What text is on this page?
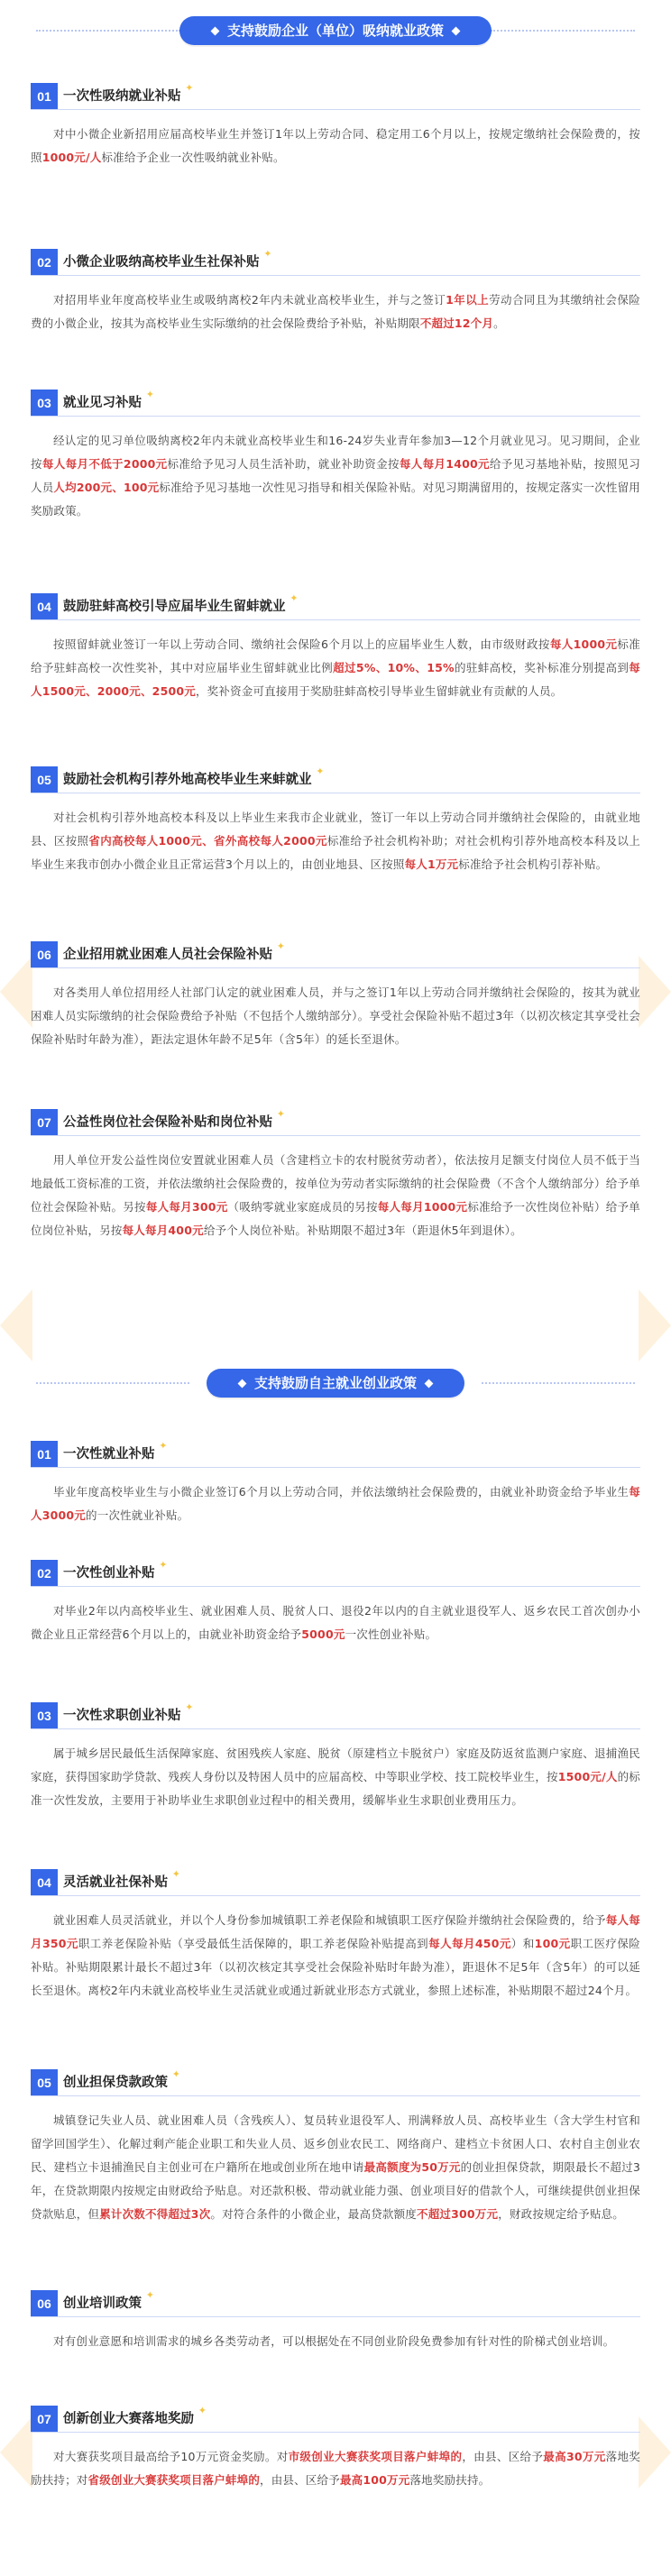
支持鼓励企业（单位）吸纳就业政策
01 一次性吸纳就业补贴 ✦
对中小微企业新招用应届高校毕业生并签订1年以上劳动合同、稳定用工6个月以上，按规定缴纳社会保险费的，按照1000元/人标准给予企业一次性吸纳就业补贴。
02 小微企业吸纳高校毕业生社保补贴 ✦
对招用毕业年度高校毕业生或吸纳离校2年内未就业高校毕业生，并与之签订1年以上劳动合同且为其缴纳社会保险费的小微企业，按其为高校毕业生实际缴纳的社会保险费给予补贴，补贴期限不超过12个月。
03 就业见习补贴 ✦
经认定的见习单位吸纳离校2年内未就业高校毕业生和16-24岁失业青年参加3—12个月就业见习。见习期间，企业按每人每月不低于2000元标准给予见习人员生活补助，就业补助资金按每人每月1400元给予见习基地补贴，按照见习人员人均200元、100元标准给予见习基地一次性见习指导和相关保险补贴。对见习期满留用的，按规定落实一次性留用奖励政策。
04 鼓励驻蚌高校引导应届毕业生留蚌就业 ✦
按照留蚌就业签订一年以上劳动合同、缴纳社会保险6个月以上的应届毕业生人数，由市级财政按每人1000元标准给予驻蚌高校一次性奖补，其中对应届毕业生留蚌就业比例超过5%、10%、15%的驻蚌高校，奖补标准分别提高到每人1500元、2000元、2500元，奖补资金可直接用于奖励驻蚌高校引导毕业生留蚌就业有贡献的人员。
05 鼓励社会机构引荐外地高校毕业生来蚌就业 ✦
对社会机构引荐外地高校本科及以上毕业生来我市企业就业，签订一年以上劳动合同并缴纳社会保险的，由就业地县、区按照省内高校每人1000元、省外高校每人2000元标准给予社会机构补助；对社会机构引荐外地高校本科及以上毕业生来我市创办小微企业且正常运营3个月以上的，由创业地县、区按照每人1万元标准给予社会机构引荐补贴。
06 企业招用就业困难人员社会保险补贴 ✦
对各类用人单位招用经人社部门认定的就业困难人员，并与之签订1年以上劳动合同并缴纳社会保险的，按其为就业困难人员实际缴纳的社会保险费给予补贴（不包括个人缴纳部分）。享受社会保险补贴不超过3年（以初次核定其享受社会保险补贴时年龄为准），距法定退休年龄不足5年（含5年）的延长至退休。
07 公益性岗位社会保险补贴和岗位补贴 ✦
用人单位开发公益性岗位安置就业困难人员（含建档立卡的农村脱贫劳动者），依法按月足额支付岗位人员不低于当地最低工资标准的工资，并依法缴纳社会保险费的，按单位为劳动者实际缴纳的社会保险费（不含个人缴纳部分）给予单位社会保险补贴。另按每人每月300元（吸纳零就业家庭成员的另按每人每月1000元标准给予一次性岗位补贴）给予单位岗位补贴，另按每人每月400元给予个人岗位补贴。补贴期限不超过3年（距退休5年到退休）。
支持鼓励自主就业创业政策
01 一次性就业补贴 ✦
毕业年度高校毕业生与小微企业签订6个月以上劳动合同，并依法缴纳社会保险费的，由就业补助资金给予毕业生每人3000元的一次性就业补贴。
02 一次性创业补贴 ✦
对毕业2年以内高校毕业生、就业困难人员、脱贫人口、退役2年以内的自主就业退役军人、返乡农民工首次创办小微企业且正常经营6个月以上的，由就业补助资金给予5000元一次性创业补贴。
03 一次性求职创业补贴 ✦
属于城乡居民最低生活保障家庭、贫困残疾人家庭、脱贫（原建档立卡脱贫户）家庭及防返贫监测户家庭、退捕渔民家庭，获得国家助学贷款、残疾人身份以及特困人员中的应届高校、中等职业学校、技工院校毕业生，按1500元/人的标准一次性发放，主要用于补助毕业生求职创业过程中的相关费用，缓解毕业生求职创业费用压力。
04 灵活就业社保补贴 ✦
就业困难人员灵活就业，并以个人身份参加城镇职工养老保险和城镇职工医疗保险并缴纳社会保险费的，给予每人每月350元职工养老保险补贴（享受最低生活保障的，职工养老保险补贴提高到每人每月450元）和100元职工医疗保险补贴。补贴期限累计最长不超过3年（以初次核定其享受社会保险补贴时年龄为准），距退休不足5年（含5年）的可以延长至退休。离校2年内未就业高校毕业生灵活就业或通过新就业形态方式就业，参照上述标准，补贴期限不超过24个月。
05 创业担保贷款政策 ✦
城镇登记失业人员、就业困难人员（含残疾人）、复员转业退役军人、刑满释放人员、高校毕业生（含大学生村官和留学回国学生）、化解过剩产能企业职工和失业人员、返乡创业农民工、网络商户、建档立卡贫困人口、农村自主创业农民、建档立卡退捕渔民自主创业可在户籍所在地或创业所在地申请最高额度为50万元的创业担保贷款，期限最长不超过3年，在贷款期限内按规定由财政给予贴息。对还款积极、带动就业能力强、创业项目好的借款个人，可继续提供创业担保贷款贴息，但累计次数不得超过3次。对符合条件的小微企业，最高贷款额度不超过300万元，财政按规定给予贴息。
06 创业培训政策 ✦
对有创业意愿和培训需求的城乡各类劳动者，可以根据处在不同创业阶段免费参加有针对性的阶梯式创业培训。
07 创新创业大赛落地奖励 ✦
对大赛获奖项目最高给予10万元资金奖励。对市级创业大赛获奖项目落户蚌埠的，由县、区给予最高30万元落地奖励扶持；对省级创业大赛获奖项目落户蚌埠的，由县、区给予最高100万元落地奖励扶持。
